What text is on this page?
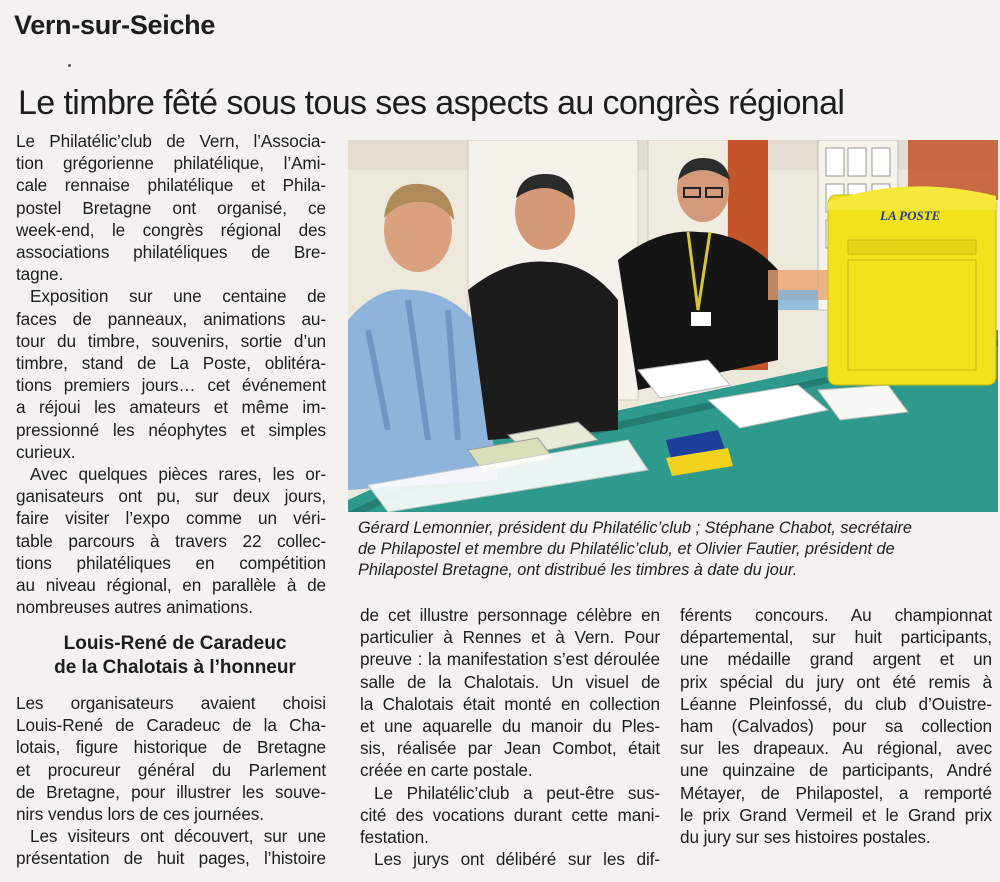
Vern-sur-Seiche
Le timbre fêté sous tous ses aspects au congrès régional

Le Philatélic’club de Vern, l’Associa-
tion grégorienne philatélique, l’Ami-
cale rennaise philatélique et Phila-
postel Bretagne ont organisé, ce
week-end, le congrès régional des
associations philatéliques de Bre-
tagne.

Exposition sur une centaine de
faces de panneaux, animations au-
tour du timbre, souvenirs, sortie d’un
timbre, stand de La Poste, oblitéra-
tions premiers jours… cet événement
a réjoui les amateurs et même im-
pressionné les néophytes et simples
curieux.

Avec quelques pièces rares, les or-
ganisateurs ont pu, sur deux jours,
faire visiter l’expo comme un véri-
table parcours à travers 22 collec-
tions philatéliques en compétition
au niveau régional, en parallèle à de
nombreuses autres animations.

Louis-René de Caradeuc
de la Chalotais à l’honneur

Les organisateurs avaient choisi
Louis-René de Caradeuc de la Cha-
lotais, figure historique de Bretagne
et procureur général du Parlement
de Bretagne, pour illustrer les souve-
nirs vendus lors de ces journées.

Les visiteurs ont découvert, sur une
présentation de huit pages, l’histoire

LA POSTE
Gérard Lemonnier, président du Philatélic’club ; Stéphane Chabot, secrétaire
de Philapostel et membre du Philatélic’club, et Olivier Fautier, président de
Philapostel Bretagne, ont distribué les timbres à date du jour.

de cet illustre personnage célèbre en
particulier à Rennes et à Vern. Pour
preuve : la manifestation s’est déroulée
salle de la Chalotais. Un visuel de
la Chalotais était monté en collection
et une aquarelle du manoir du Ples-
sis, réalisée par Jean Combot, était
créée en carte postale.

Le Philatélic’club a peut-être sus-
cité des vocations durant cette mani-
festation.

Les jurys ont délibéré sur les dif-

férents concours. Au championnat
départemental, sur huit participants,
une médaille grand argent et un
prix spécial du jury ont été remis à
Léanne Pleinfossé, du club d’Ouistre-
ham (Calvados) pour sa collection
sur les drapeaux. Au régional, avec
une quinzaine de participants, André
Métayer, de Philapostel, a remporté
le prix Grand Vermeil et le Grand prix
du jury sur ses histoires postales.
